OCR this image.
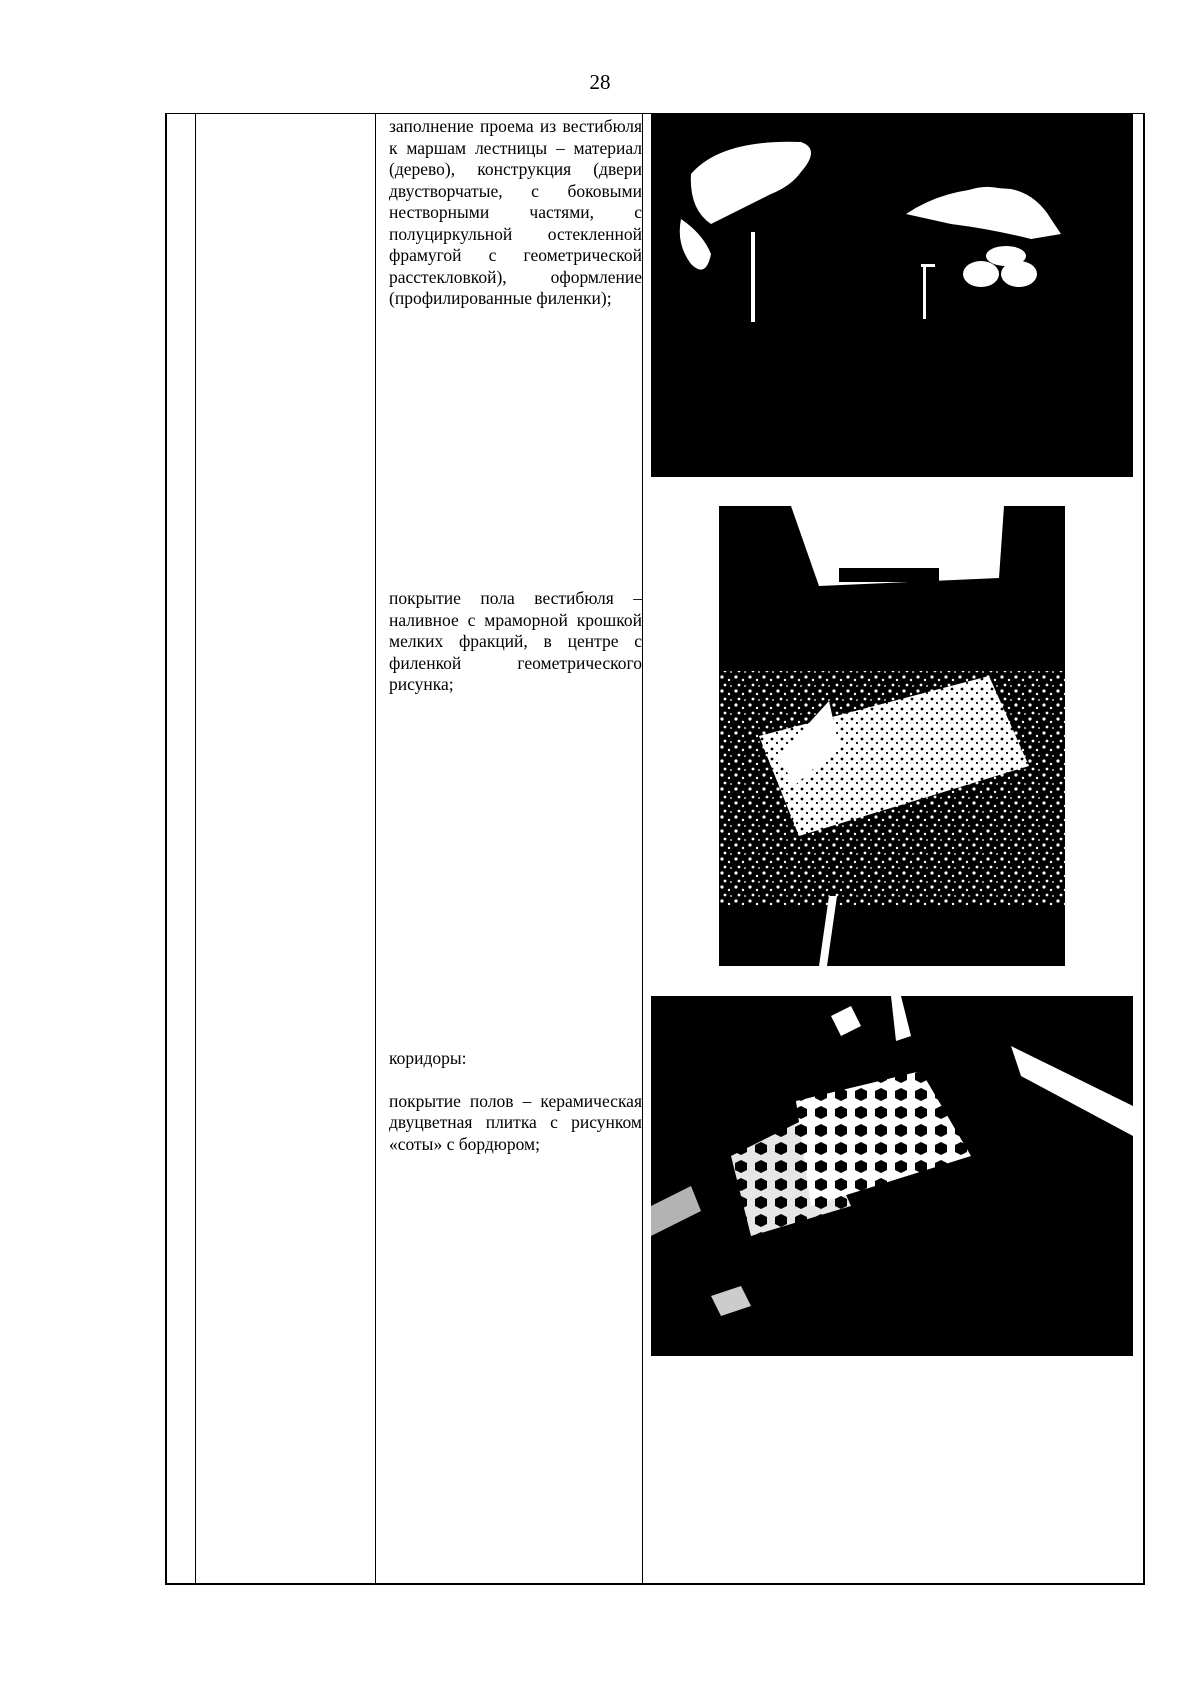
28

заполнение проема из вестибюля к маршам лестницы – материал (дерево), конструкция (двери двустворчатые, с боковыми нестворными частями, с полуциркульной остекленной фрамугой с геометрической расстекловкой), оформление (профилированные филенки);

покрытие пола вестибюля – наливное с мраморной крошкой мелких фракций, в центре с филенкой геометрического рисунка;

коридоры:

покрытие полов – керамическая двуцветная плитка с рисунком «соты» с бордюром;
